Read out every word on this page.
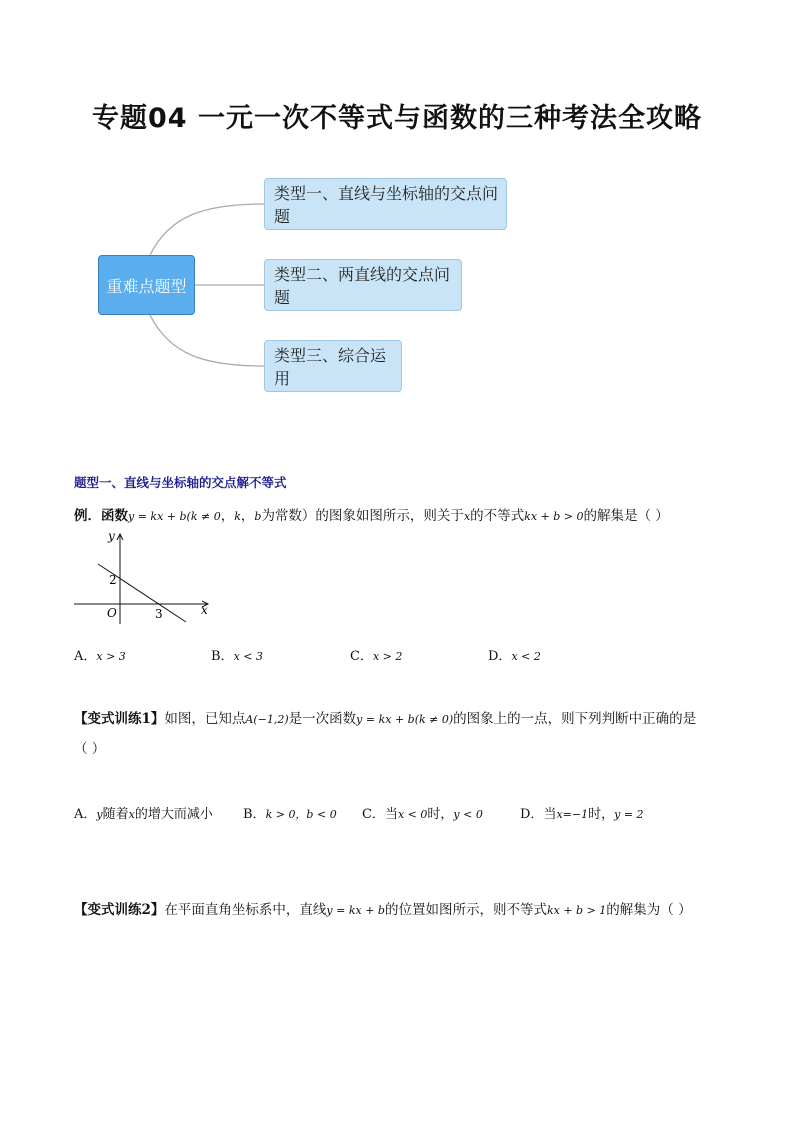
专题04 一元一次不等式与函数的三种考法全攻略
重难点题型
类型一、直线与坐标轴的交点问题
类型二、两直线的交点问题
类型三、综合运用
题型一、直线与坐标轴的交点解不等式
例．函数y = kx + b(k ≠ 0，k，b为常数）的图象如图所示，则关于x的不等式kx + b > 0的解集是（ ）
y
x
O
2
3
A．x > 3	B．x < 3	C．x > 2	D．x < 2
【变式训练1】如图，已知点A(−1,2)是一次函数y = kx + b(k ≠ 0)的图象上的一点，则下列判断中正确的是
（ ）
A．y随着x的增大而减小 B．k > 0，b < 0 C．当x < 0时，y < 0	D．当x=−1时，y = 2
【变式训练2】在平面直角坐标系中，直线y = kx + b的位置如图所示，则不等式kx + b > 1的解集为（ ）
